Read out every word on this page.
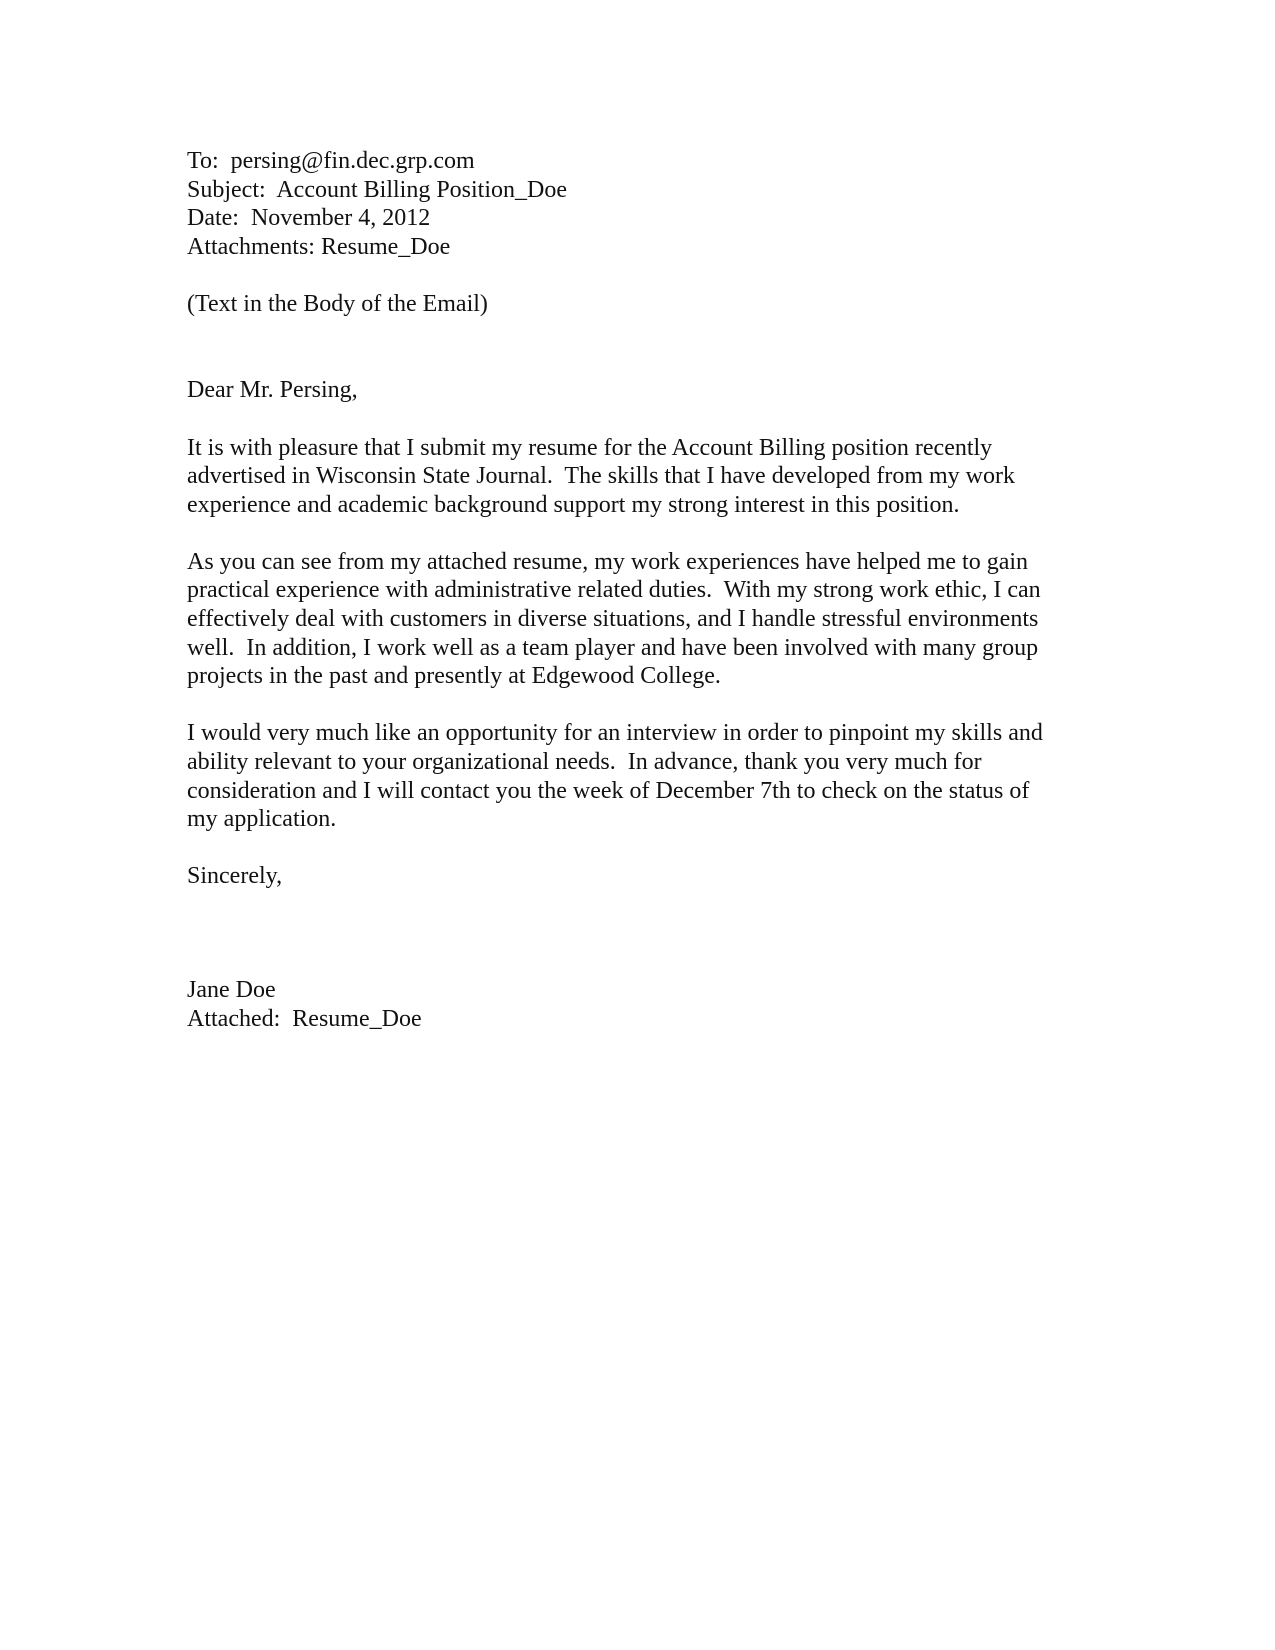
To:  persing@fin.dec.grp.com
Subject:  Account Billing Position_Doe
Date:  November 4, 2012
Attachments: Resume_Doe
(Text in the Body of the Email)
Dear Mr. Persing,
It is with pleasure that I submit my resume for the Account Billing position recently
advertised in Wisconsin State Journal.  The skills that I have developed from my work
experience and academic background support my strong interest in this position.
As you can see from my attached resume, my work experiences have helped me to gain
practical experience with administrative related duties.  With my strong work ethic, I can
effectively deal with customers in diverse situations, and I handle stressful environments
well.  In addition, I work well as a team player and have been involved with many group
projects in the past and presently at Edgewood College.
I would very much like an opportunity for an interview in order to pinpoint my skills and
ability relevant to your organizational needs.  In advance, thank you very much for
consideration and I will contact you the week of December 7th to check on the status of
my application.
Sincerely,
Jane Doe
Attached:  Resume_Doe
